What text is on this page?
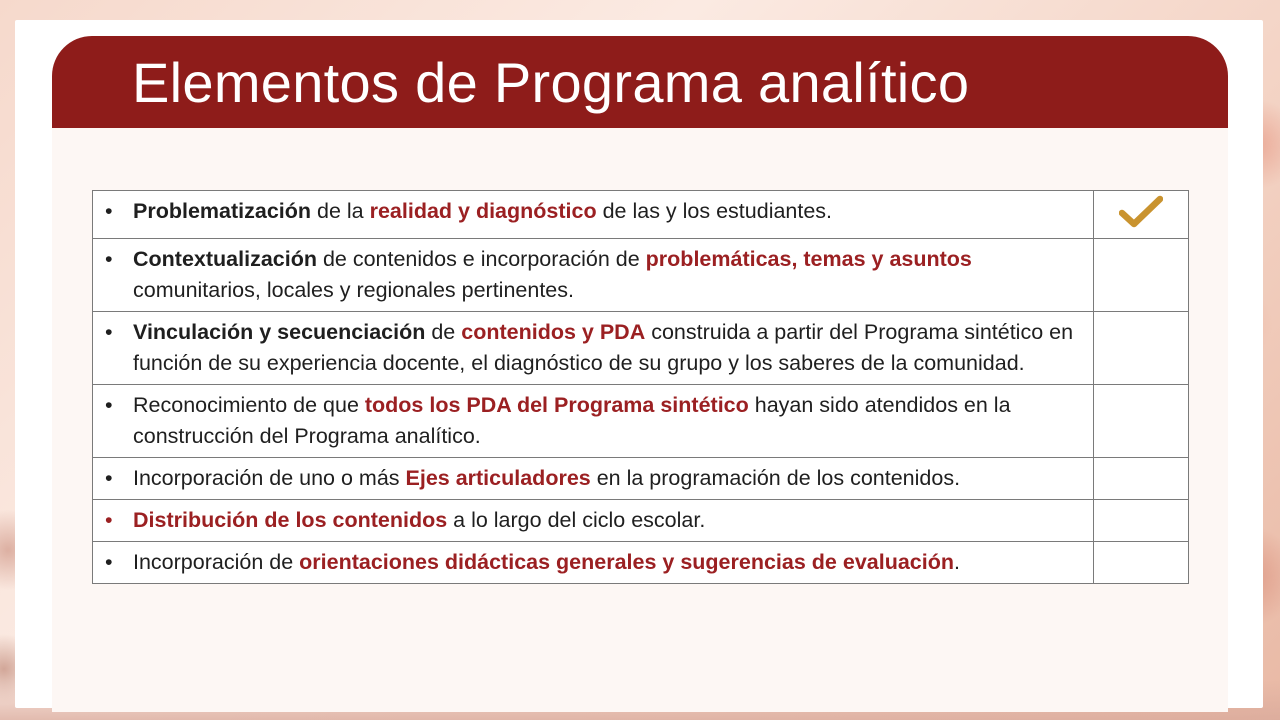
Elementos de Programa analítico
• Problematización de la realidad y diagnóstico de las y los estudiantes.

• Contextualización de contenidos e incorporación de problemáticas, temas y asuntos comunitarios, locales y regionales pertinentes.	

• Vinculación y secuenciación de contenidos y PDA construida a partir del Programa sintético en función de su experiencia docente, el diagnóstico de su grupo y los saberes de la comunidad.	

• Reconocimiento de que todos los PDA del Programa sintético hayan sido atendidos en la construcción del Programa analítico.	

• Incorporación de uno o más Ejes articuladores en la programación de los contenidos.	

• Distribución de los contenidos a lo largo del ciclo escolar.	

• Incorporación de orientaciones didácticas generales y sugerencias de evaluación.	
